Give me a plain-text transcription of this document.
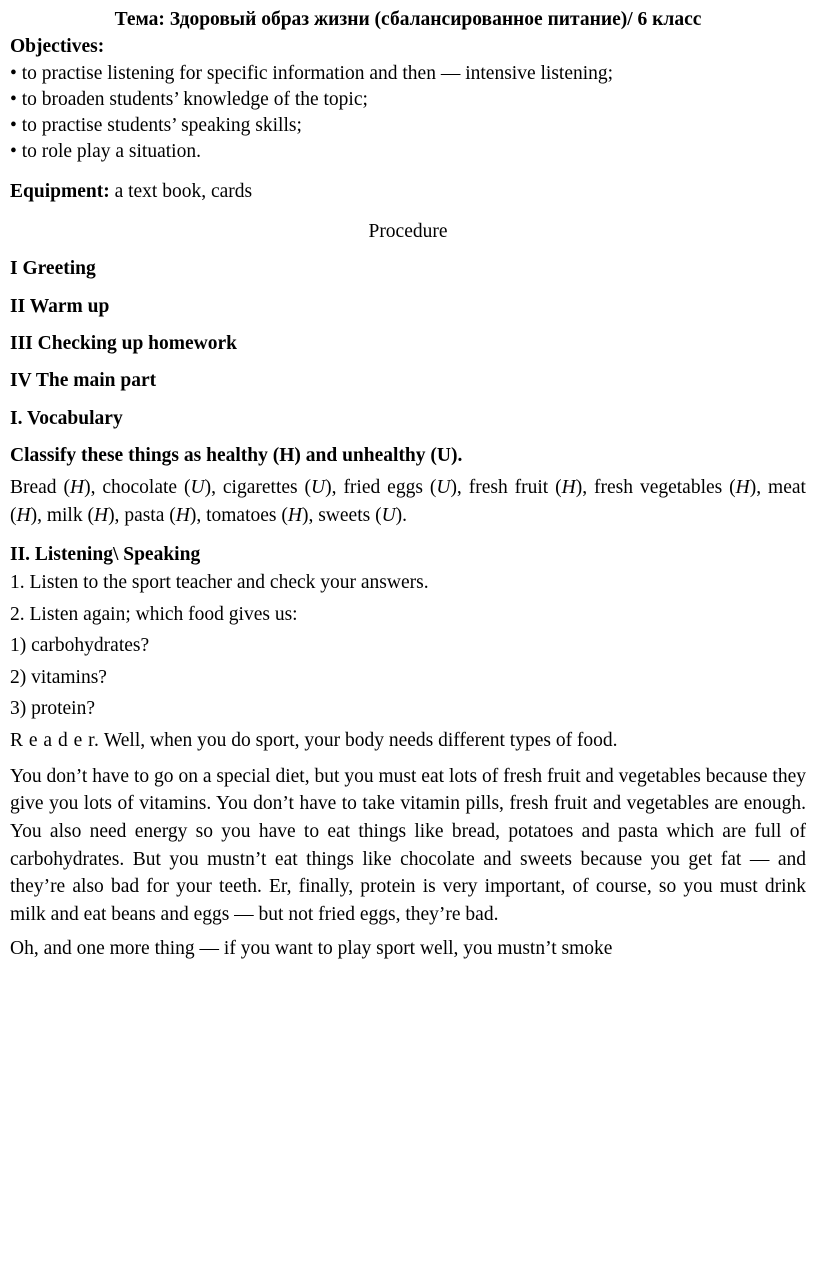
Тема: Здоровый образ жизни (сбалансированное питание)/ 6 класс
Objectives:
• to practise listening for specific information and then — intensive listening;
• to broaden students’ knowledge of the topic;
• to practise students’ speaking skills;
• to role play a situation.
Equipment: a text book, cards
Procedure
I Greeting
II Warm up
III Checking up homework
IV The main part
I. Vocabulary
Classify these things as healthy (H) and unhealthy (U).
Bread (H), chocolate (U), cigarettes (U), fried eggs (U), fresh fruit (H), fresh vegetables (H), meat (H), milk (H), pasta (H), tomatoes (H), sweets (U).
II. Listening\ Speaking
1. Listen to the sport teacher and check your answers.
2. Listen again; which food gives us:
1) carbohydrates?
2) vitamins?
3) protein?
R e a d e r. Well, when you do sport, your body needs different types of food.
You don’t have to go on a special diet, but you must eat lots of fresh fruit and vegetables because they give you lots of vitamins. You don’t have to take vitamin pills, fresh fruit and vegetables are enough. You also need energy so you have to eat things like bread, potatoes and pasta which are full of carbohydrates. But you mustn’t eat things like chocolate and sweets because you get fat — and they’re also bad for your teeth. Er, finally, protein is very important, of course, so you must drink milk and eat beans and eggs — but not fried eggs, they’re bad.
Oh, and one more thing — if you want to play sport well, you mustn’t smoke
